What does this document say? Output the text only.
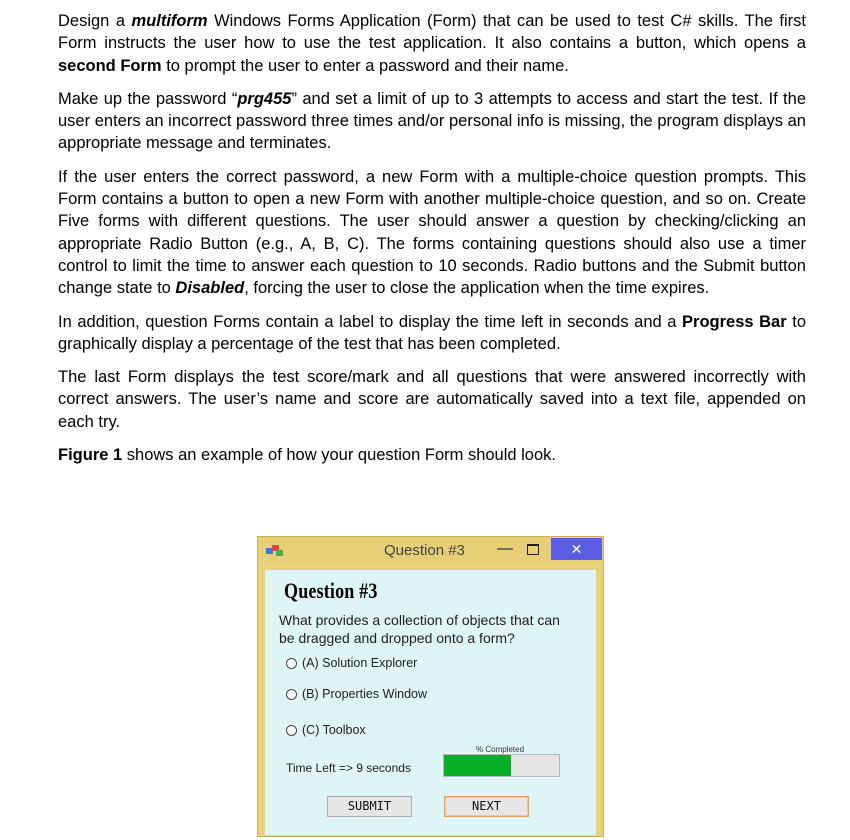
Design a multiform Windows Forms Application (Form) that can be used to test C# skills. The first Form instructs the user how to use the test application. It also contains a button, which opens a second Form to prompt the user to enter a password and their name.

Make up the password “prg455” and set a limit of up to 3 attempts to access and start the test. If the user enters an incorrect password three times and/or personal info is missing, the program displays an appropriate message and terminates.

If the user enters the correct password, a new Form with a multiple-choice question prompts. This Form contains a button to open a new Form with another multiple-choice question, and so on. Create Five forms with different questions. The user should answer a question by checking/clicking an appropriate Radio Button (e.g., A, B, C). The forms containing questions should also use a timer control to limit the time to answer each question to 10 seconds. Radio buttons and the Submit button change state to Disabled, forcing the user to close the application when the time expires.

In addition, question Forms contain a label to display the time left in seconds and a Progress Bar to graphically display a percentage of the test that has been completed.

The last Form displays the test score/mark and all questions that were answered incorrectly with correct answers. The user’s name and score are automatically saved into a text file, appended on each try.

Figure 1 shows an example of how your question Form should look.

Question #3 —	✕
Question #3
What provides a collection of objects that can be dragged and dropped onto a form?
(A) Solution Explorer
(B) Properties Window
(C) Toolbox
% Completed
Time Left => 9 seconds
SUBMIT	NEXT
